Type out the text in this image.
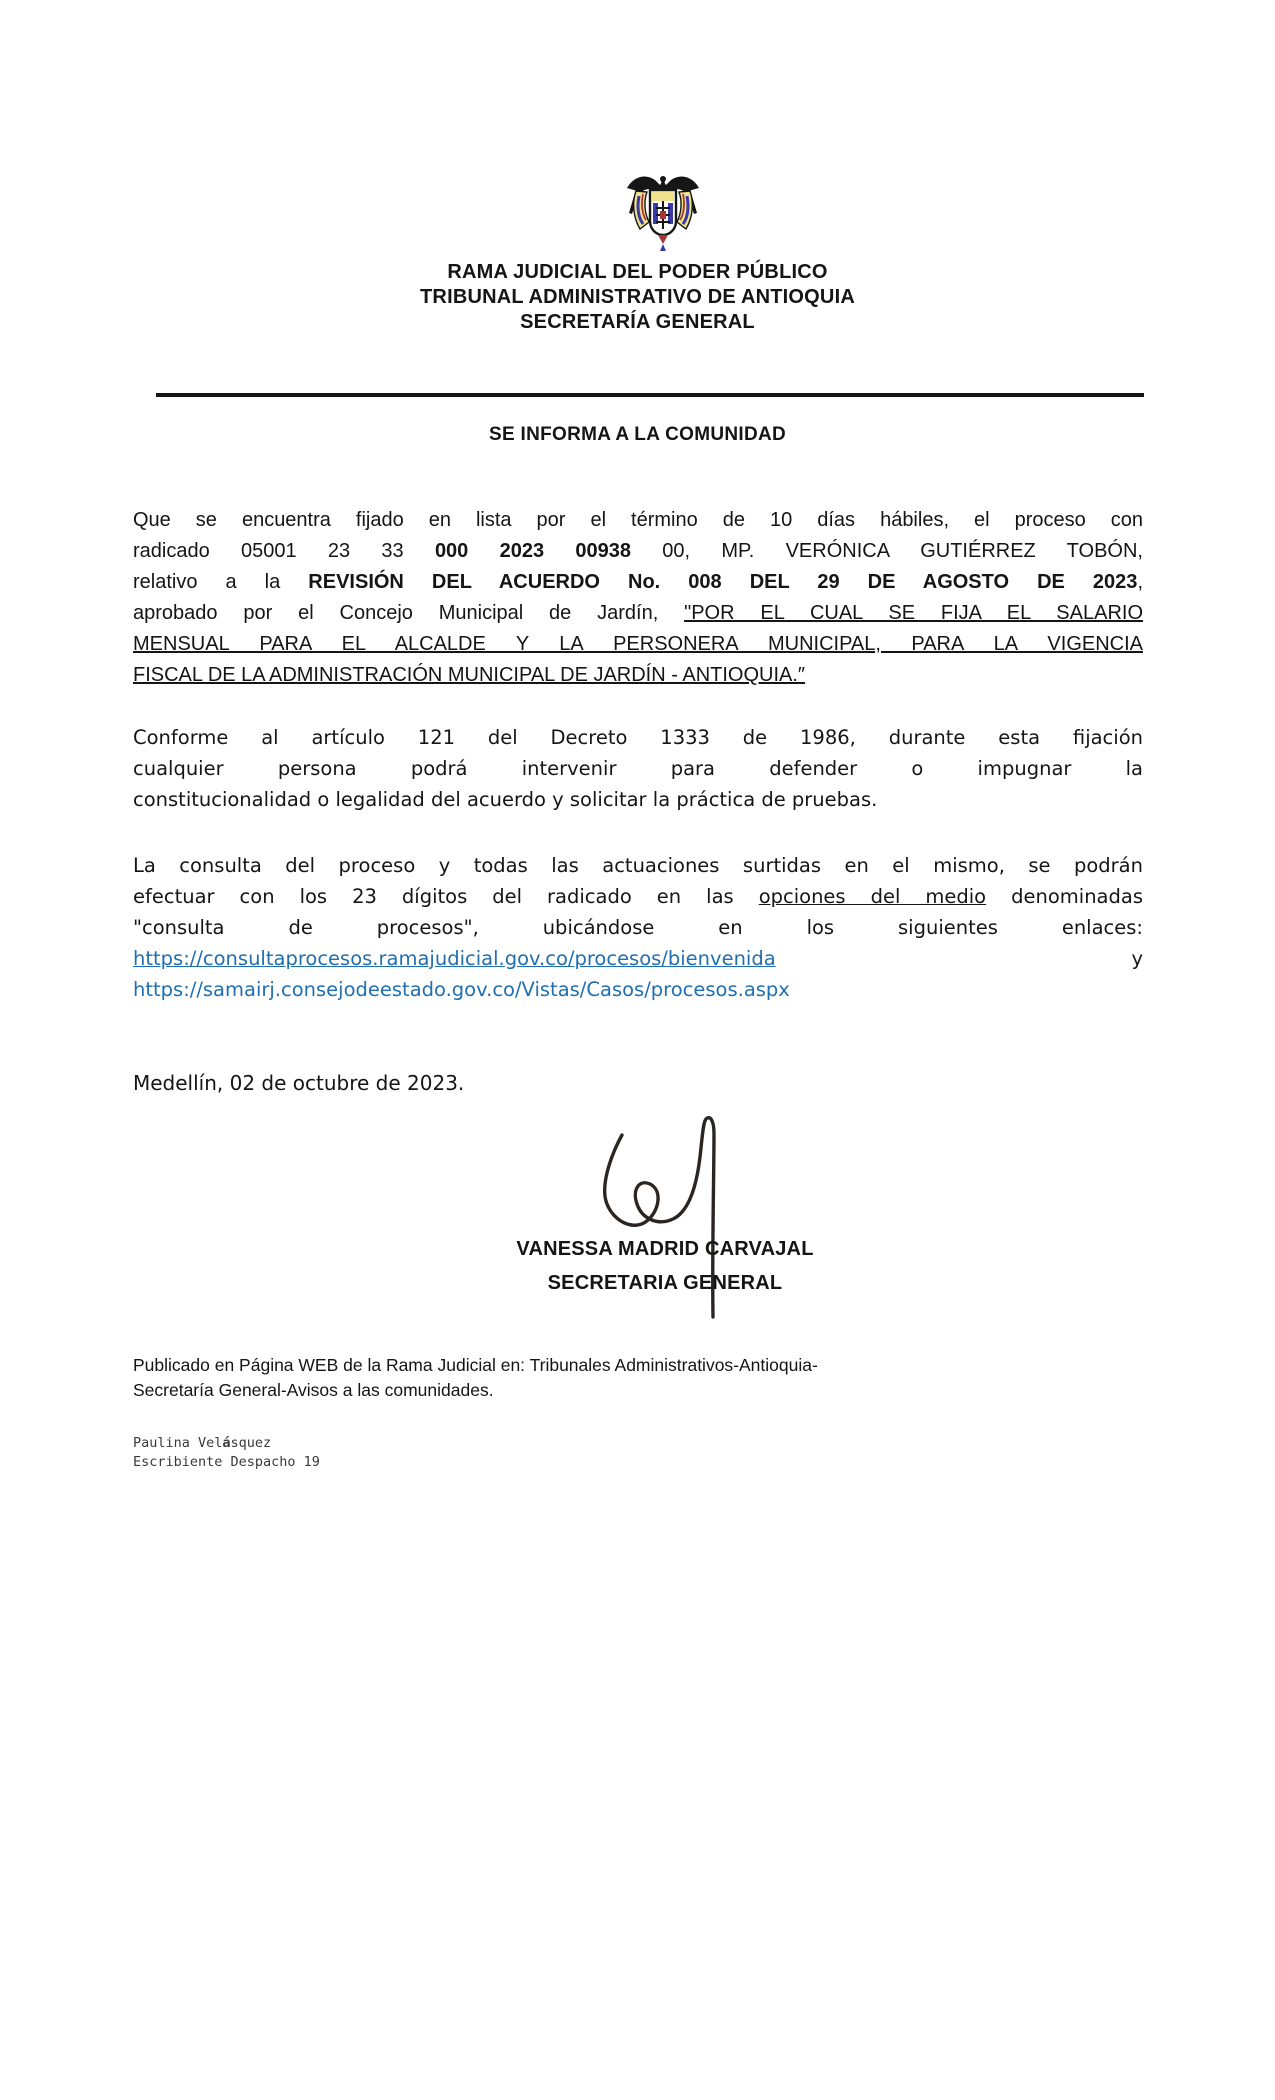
RAMA JUDICIAL DEL PODER PÚBLICO
TRIBUNAL ADMINISTRATIVO DE ANTIOQUIA
SECRETARÍA GENERAL
SE INFORMA A LA COMUNIDAD
Que se encuentra fijado en lista por el término de 10 días hábiles, el proceso con
radicado 05001 23 33 000 2023 00938 00, MP. VERÓNICA GUTIÉRREZ TOBÓN,
relativo a la REVISIÓN DEL ACUERDO No. 008 DEL 29 DE AGOSTO DE 2023,
aprobado por el Concejo Municipal de Jardín, "POR EL CUAL SE FIJA EL SALARIO
MENSUAL PARA EL ALCALDE Y LA PERSONERA MUNICIPAL, PARA LA VIGENCIA
FISCAL DE LA ADMINISTRACIÓN MUNICIPAL DE JARDÍN - ANTIOQUIA.″
Conforme al artículo 121 del Decreto 1333 de 1986, durante esta fijación
cualquier persona podrá intervenir para defender o impugnar la
constitucionalidad o legalidad del acuerdo y solicitar la práctica de pruebas.
La consulta del proceso y todas las actuaciones surtidas en el mismo, se podrán
efectuar con los 23 dígitos del radicado en las opciones del medio denominadas
"consulta de procesos", ubicándose en los siguientes enlaces:
https://consultaprocesos.ramajudicial.gov.co/procesos/bienvenida	y
https://samairj.consejodeestado.gov.co/Vistas/Casos/procesos.aspx
Medellín, 02 de octubre de 2023.
VANESSA MADRID CARVAJAL
SECRETARIA GENERAL
Publicado en Página WEB de la Rama Judicial en: Tribunales Administrativos-Antioquia-
Secretaría General-Avisos a las comunidades.
Paulina Velásquez
Escribiente Despacho 19
